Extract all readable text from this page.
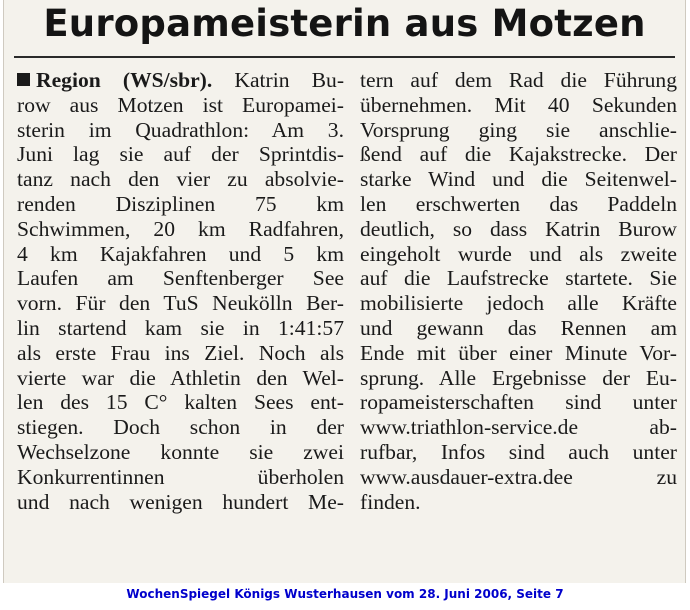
Europameisterin aus Motzen
Region (WS/sbr). Katrin Bu-
row aus Motzen ist Europamei-
sterin im Quadrathlon: Am 3.
Juni lag sie auf der Sprintdis-
tanz nach den vier zu absolvie-
renden Disziplinen 75 km
Schwimmen, 20 km Radfahren,
4 km Kajakfahren und 5 km
Laufen am Senftenberger See
vorn. Für den TuS Neukölln Ber-
lin startend kam sie in 1:41:57
als erste Frau ins Ziel. Noch als
vierte war die Athletin den Wel-
len des 15 C° kalten Sees ent-
stiegen. Doch schon in der
Wechselzone konnte sie zwei
Konkurrentinnen überholen
und nach wenigen hundert Me-
tern auf dem Rad die Führung
übernehmen. Mit 40 Sekunden
Vorsprung ging sie anschlie-
ßend auf die Kajakstrecke. Der
starke Wind und die Seitenwel-
len erschwerten das Paddeln
deutlich, so dass Katrin Burow
eingeholt wurde und als zweite
auf die Laufstrecke startete. Sie
mobilisierte jedoch alle Kräfte
und gewann das Rennen am
Ende mit über einer Minute Vor-
sprung. Alle Ergebnisse der Eu-
ropameisterschaften sind unter
www.triathlon-service.de ab-
rufbar, Infos sind auch unter
www.ausdauer-extra.dee zu
finden.
WochenSpiegel Königs Wusterhausen vom 28. Juni 2006, Seite 7
